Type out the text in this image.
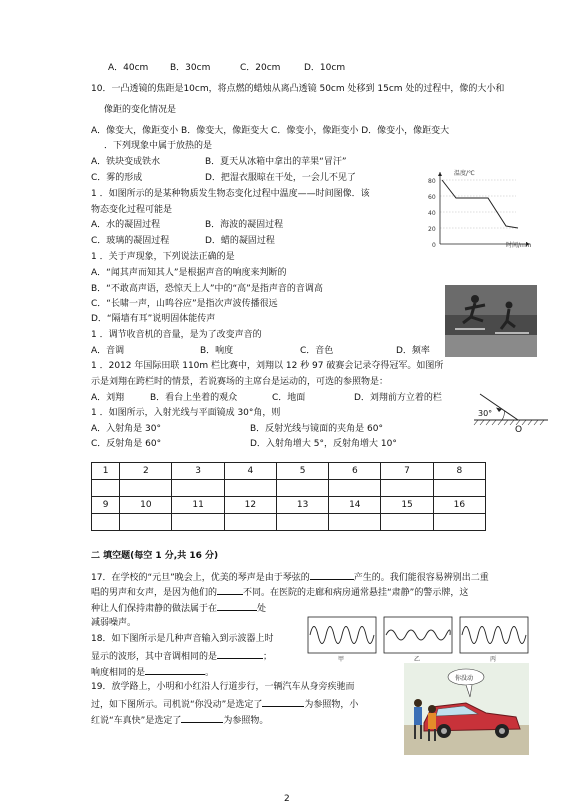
A．40cm B．30cm	C．20cm	D．10cm
10．一凸透镜的焦距是10cm，将点燃的蜡烛从离凸透镜 50cm 处移到 15cm 处的过程中，像的大小和
像距的变化情况是
A．像变大，像距变小 B．像变大，像距变大 C．像变小，像距变小 D．像变小，像距变大
．下列现象中属于放热的是
A．铁块变成铁水	B．夏天从冰箱中拿出的苹果“冒汗”
C．雾的形成	D．把湿衣服晾在干处，一会儿不见了
1 ．如图所示的是某种物质发生物态变化过程中温度——时间图像．该
物态变化过程可能是
A．水的凝固过程	B．海波的凝固过程
C．玻璃的凝固过程	D．蜡的凝固过程
温度/℃
80
60
40
20
0	时间/min
1 ．关于声现象，下列说法正确的是
A．“闻其声而知其人”是根据声音的响度来判断的
B．“不敢高声语，恐惊天上人”中的“高”是指声音的音调高
C．“长啸一声，山鸣谷应”是指次声波传播很远
D．“隔墙有耳”说明固体能传声
1 ．调节收音机的音量，是为了改变声音的
A．音调	B．响度	C．音色	D．频率
1 ．2012 年国际田联 110m 栏比赛中，刘翔以 12 秒 97 破赛会记录夺得冠军。如图所
示是刘翔在跨栏时的情景，若说赛场的主席台是运动的，可选的参照物是：
A．刘翔	B．看台上坐着的观众	C．地面	D．刘翔前方立着的栏
1 ．如图所示，入射光线与平面镜成 30°角，则
A．入射角是 30°	B．反射光线与镜面的夹角是 60°
C．反射角是 60°	D．入射角增大 5°，反射角增大 10°
30°
O
1	2	3	4	5	6	7	8

9	10	11	12	13	14	15	16

二 填空题(每空 1 分,共 16 分)
17．在学校的“元旦”晚会上，优美的琴声是由于琴弦的	产生的。我们能很容易辨别出二重
唱的男声和女声，是因为他们的	不同。在医院的走廊和病房通常悬挂“肃静”的警示牌，这
种让人们保持肃静的做法属于在	处
减弱噪声。
18．如下图所示是几种声音输入到示波器上时
显示的波形，其中音调相同的是	；
响度相同的是	。
甲	乙	丙
19．放学路上，小明和小红沿人行道步行，一辆汽车从身旁疾驰而
过，如下图所示。司机说“你没动”是选定了	为参照物，小
红说“车真快”是选定了	为参照物。
你没动
2
